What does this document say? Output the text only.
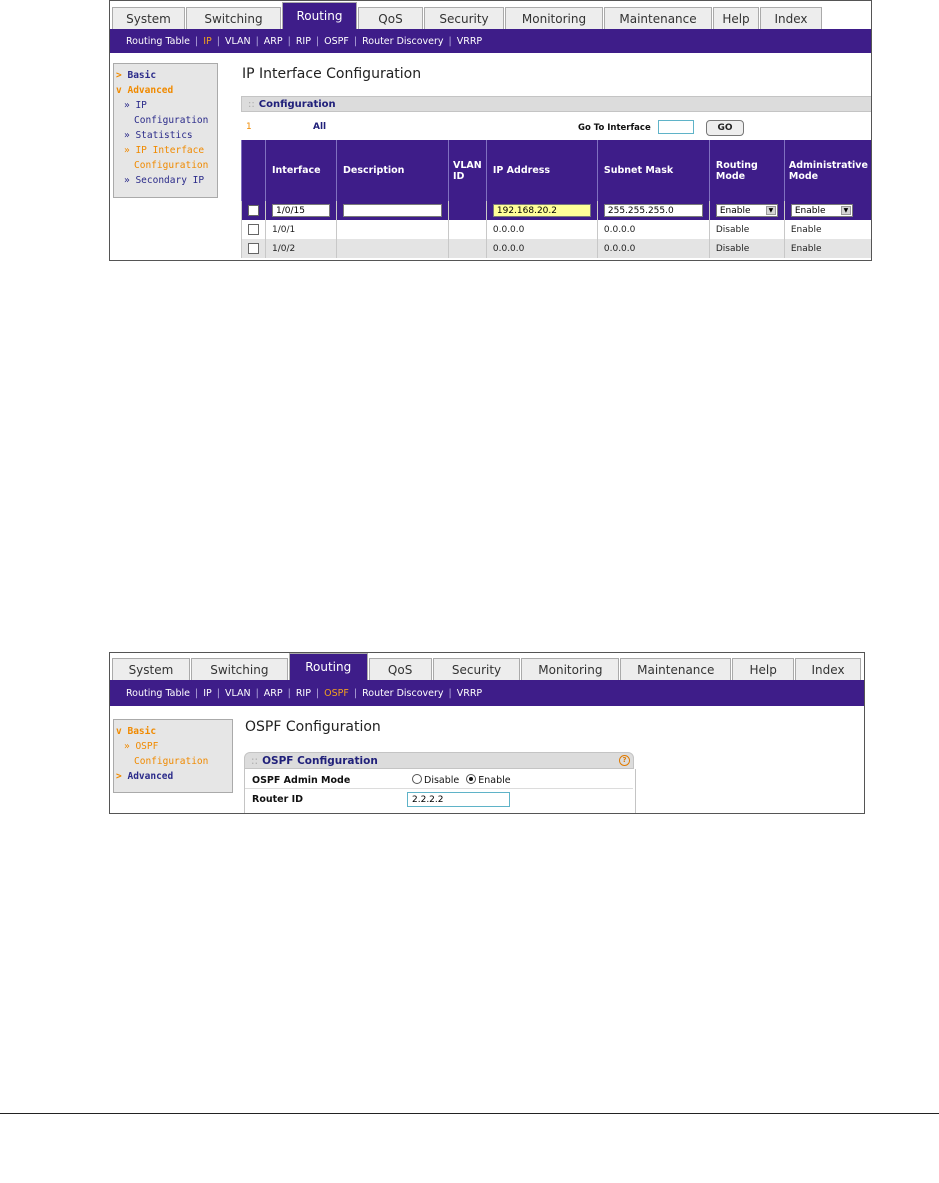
System	Switching	Routing	QoS	Security	Monitoring	Maintenance	Help	Index
Routing Table | IP | VLAN | ARP | RIP | OSPF | Router Discovery | VRRP
> Basic
v Advanced
» IP
Configuration
» Statistics
» IP Interface
Configuration
» Secondary IP
IP Interface Configuration
:: Configuration
1	All	Go To Interface	GO
	Interface	Description	VLAN ID	IP Address	Subnet Mask	Routing Mode	Administrative Mode
	1/0/15			192.168.20.2	255.255.255.0	Enable ▼	Enable ▼

	1/0/1			0.0.0.0	0.0.0.0	Disable	Enable
	1/0/2			0.0.0.0	0.0.0.0	Disable	Enable
System	Switching	Routing	QoS	Security	Monitoring	Maintenance	Help	Index
Routing Table | IP | VLAN | ARP | RIP | OSPF | Router Discovery | VRRP
v Basic
» OSPF
Configuration
> Advanced
OSPF Configuration
:: OSPF Configuration	?
OSPF Admin Mode	Disable Enable
Router ID	2.2.2.2
